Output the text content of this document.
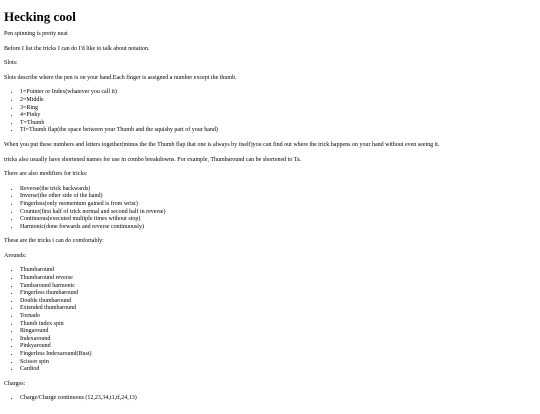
Hecking cool

Pen spinning is pretty neat

Before I list the tricks I can do I'd like to talk about notation.

Slots:

Slots describe where the pen is on your hand.Each finger is assigned a number except the thumb.

• 1=Pointer or Index(whatever you call it)
• 2=Middle
• 3=Ring
• 4=Pinky
• T=Thumb
• Tf=Thumb flap(the space between your Thumb and the squishy part of your hand)

When you put these numbers and letters together(minus the the Thumb flap that one is always by itself)you can find out where the trick happens on your hand without even seeing it.

tricks also usually have shortened names for use in combo breakdowns. For example, Thumbaround can be shortened to Ta.

There are also modifiers for tricks:

• Reverse(the trick backwards)
• Inverse(the other side of the hand)
• Fingerless(only momentum gained is from wrist)
• Counter(first half of trick normal and second half in reverse)
• Continuous(executed multiple times without stop)
• Harmonic(done forwards and reverse continuously)

These are the tricks i can do comfortably:

Arounds:

• Thumbaround
• Thumbaround reverse
• Tumbaround harmonic
• Fingerless thumbaround
• Double thumbaround
• Extended thumbaround
• Tornado
• Thumb index spin
• Ringaround
• Indexaround
• Pinkyaround
• Fingerless Indexaround(Bust)
• Scissor spin
• Cardiod

Charges:

• Charge/Charge continuous (12,23,34,t1,tf,24,13)
